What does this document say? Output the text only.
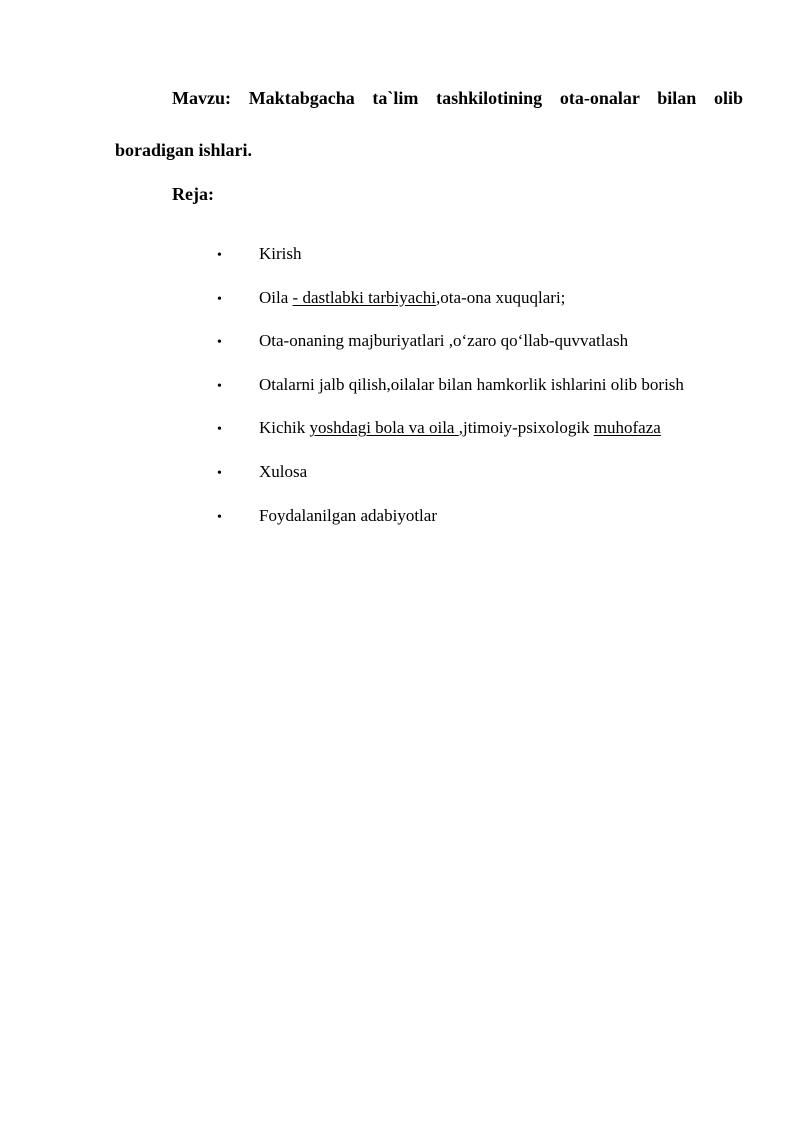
Mavzu: Maktabgacha ta`lim tashkilotining ota-onalar bilan olib
boradigan ishlari.
Reja:
• Kirish
• Oila - dastlabki tarbiyachi,ota-ona xuquqlari;
• Ota-onaning majburiyatlari ,o‘zaro qo‘llab-quvvatlash
• Otalarni jalb qilish,oilalar bilan hamkorlik ishlarini olib borish
• Kichik yoshdagi bola va oila ,jtimoiy-psixologik muhofaza
• Xulosa
• Foydalanilgan adabiyotlar
